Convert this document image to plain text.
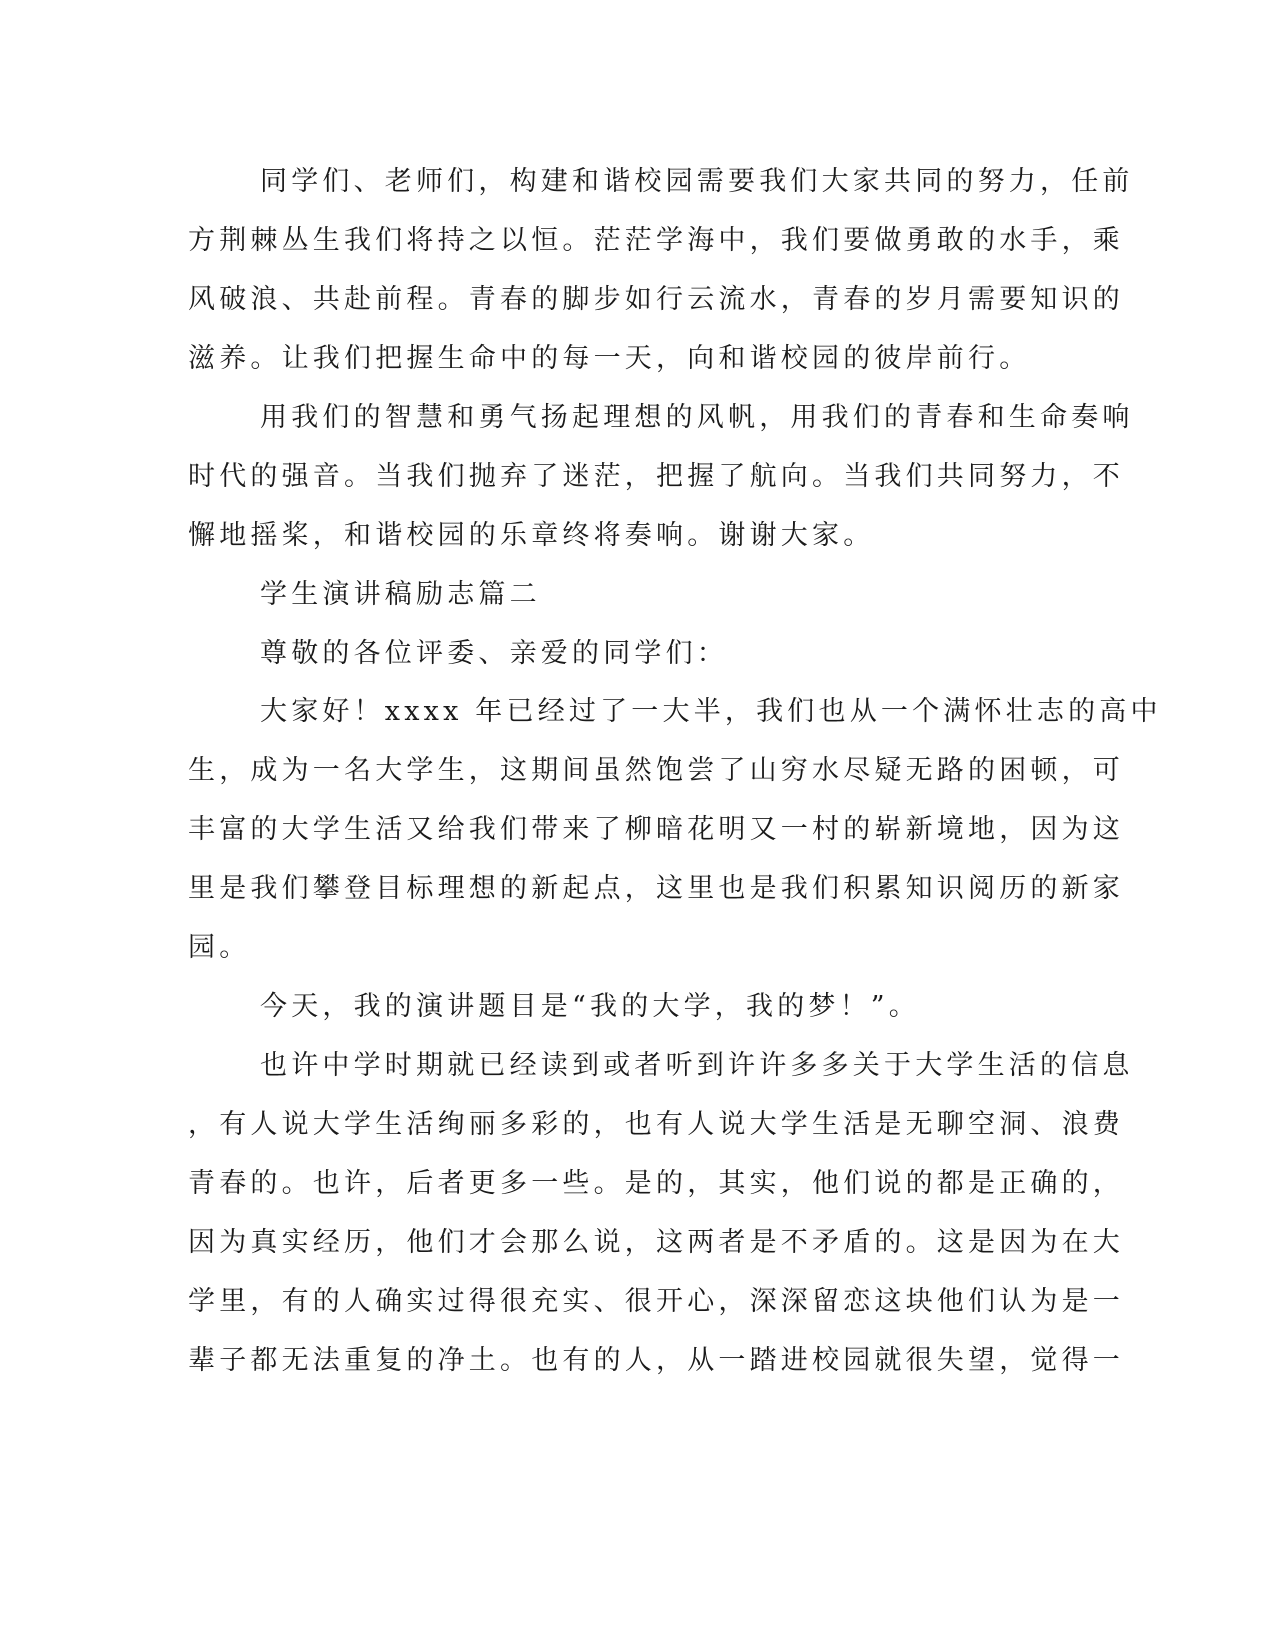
同学们、老师们，构建和谐校园需要我们大家共同的努力，任前
方荆棘丛生我们将持之以恒。茫茫学海中，我们要做勇敢的水手，乘
风破浪、共赴前程。青春的脚步如行云流水，青春的岁月需要知识的
滋养。让我们把握生命中的每一天，向和谐校园的彼岸前行。
用我们的智慧和勇气扬起理想的风帆，用我们的青春和生命奏响
时代的强音。当我们抛弃了迷茫，把握了航向。当我们共同努力，不
懈地摇桨，和谐校园的乐章终将奏响。谢谢大家。
学生演讲稿励志篇二
尊敬的各位评委、亲爱的同学们：
大家好！xxxx 年已经过了一大半，我们也从一个满怀壮志的高中
生，成为一名大学生，这期间虽然饱尝了山穷水尽疑无路的困顿，可
丰富的大学生活又给我们带来了柳暗花明又一村的崭新境地，因为这
里是我们攀登目标理想的新起点，这里也是我们积累知识阅历的新家
园。
今天，我的演讲题目是“我的大学，我的梦！”。
也许中学时期就已经读到或者听到许许多多关于大学生活的信息
，有人说大学生活绚丽多彩的，也有人说大学生活是无聊空洞、浪费
青春的。也许，后者更多一些。是的，其实，他们说的都是正确的，
因为真实经历，他们才会那么说，这两者是不矛盾的。这是因为在大
学里，有的人确实过得很充实、很开心，深深留恋这块他们认为是一
辈子都无法重复的净土。也有的人，从一踏进校园就很失望，觉得一
